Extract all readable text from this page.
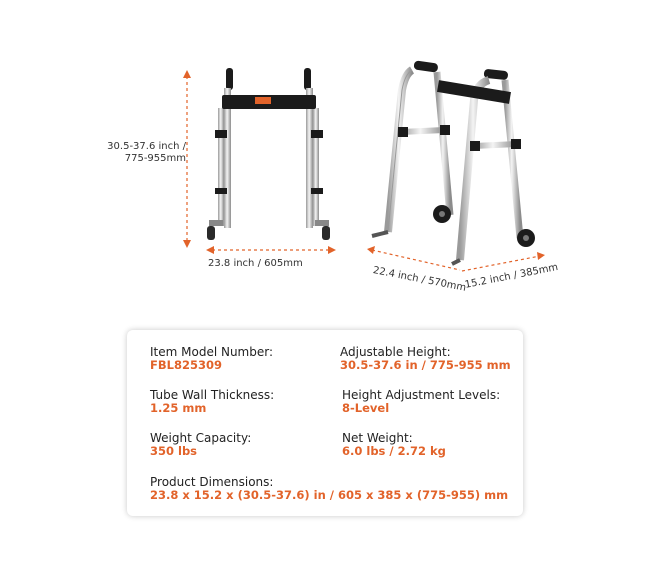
30.5-37.6 inch /
775-955mm
23.8 inch / 605mm
22.4 inch / 570mm
15.2 inch / 385mm
Item Model Number:
FBL825309
Adjustable Height:
30.5-37.6 in / 775-955 mm
Tube Wall Thickness:
1.25 mm
Height Adjustment Levels:
8-Level
Weight Capacity:
350 lbs
Net Weight:
6.0 lbs / 2.72 kg
Product Dimensions:
23.8 x 15.2 x (30.5-37.6) in / 605 x 385 x (775-955) mm
